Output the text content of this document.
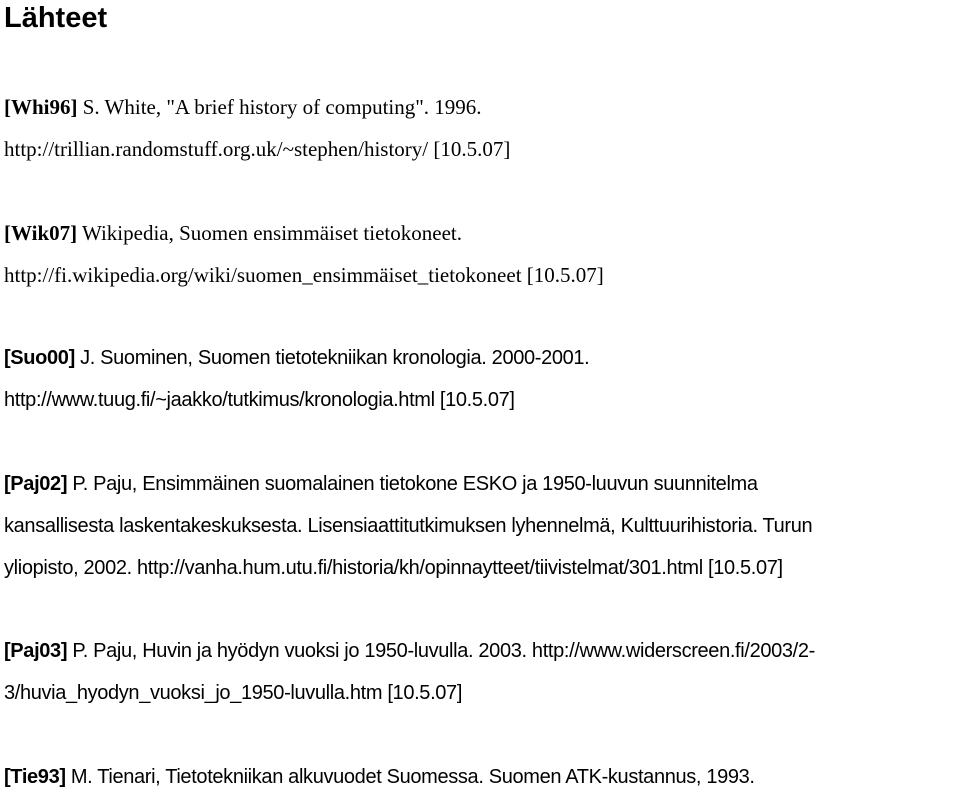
Lähteet
[Whi96] S. White, "A brief history of computing". 1996.
http://trillian.randomstuff.org.uk/~stephen/history/ [10.5.07]
[Wik07] Wikipedia, Suomen ensimmäiset tietokoneet.
http://fi.wikipedia.org/wiki/suomen_ensimmäiset_tietokoneet [10.5.07]
[Suo00] J. Suominen, Suomen tietotekniikan kronologia. 2000-2001.
http://www.tuug.fi/~jaakko/tutkimus/kronologia.html [10.5.07]
[Paj02] P. Paju, Ensimmäinen suomalainen tietokone ESKO ja 1950-luuvun suunnitelma
kansallisesta laskentakeskuksesta. Lisensiaattitutkimuksen lyhennelmä, Kulttuurihistoria. Turun
yliopisto, 2002. http://vanha.hum.utu.fi/historia/kh/opinnaytteet/tiivistelmat/301.html [10.5.07]
[Paj03] P. Paju, Huvin ja hyödyn vuoksi jo 1950-luvulla. 2003. http://www.widerscreen.fi/2003/2-
3/huvia_hyodyn_vuoksi_jo_1950-luvulla.htm [10.5.07]
[Tie93] M. Tienari, Tietotekniikan alkuvuodet Suomessa. Suomen ATK-kustannus, 1993.
